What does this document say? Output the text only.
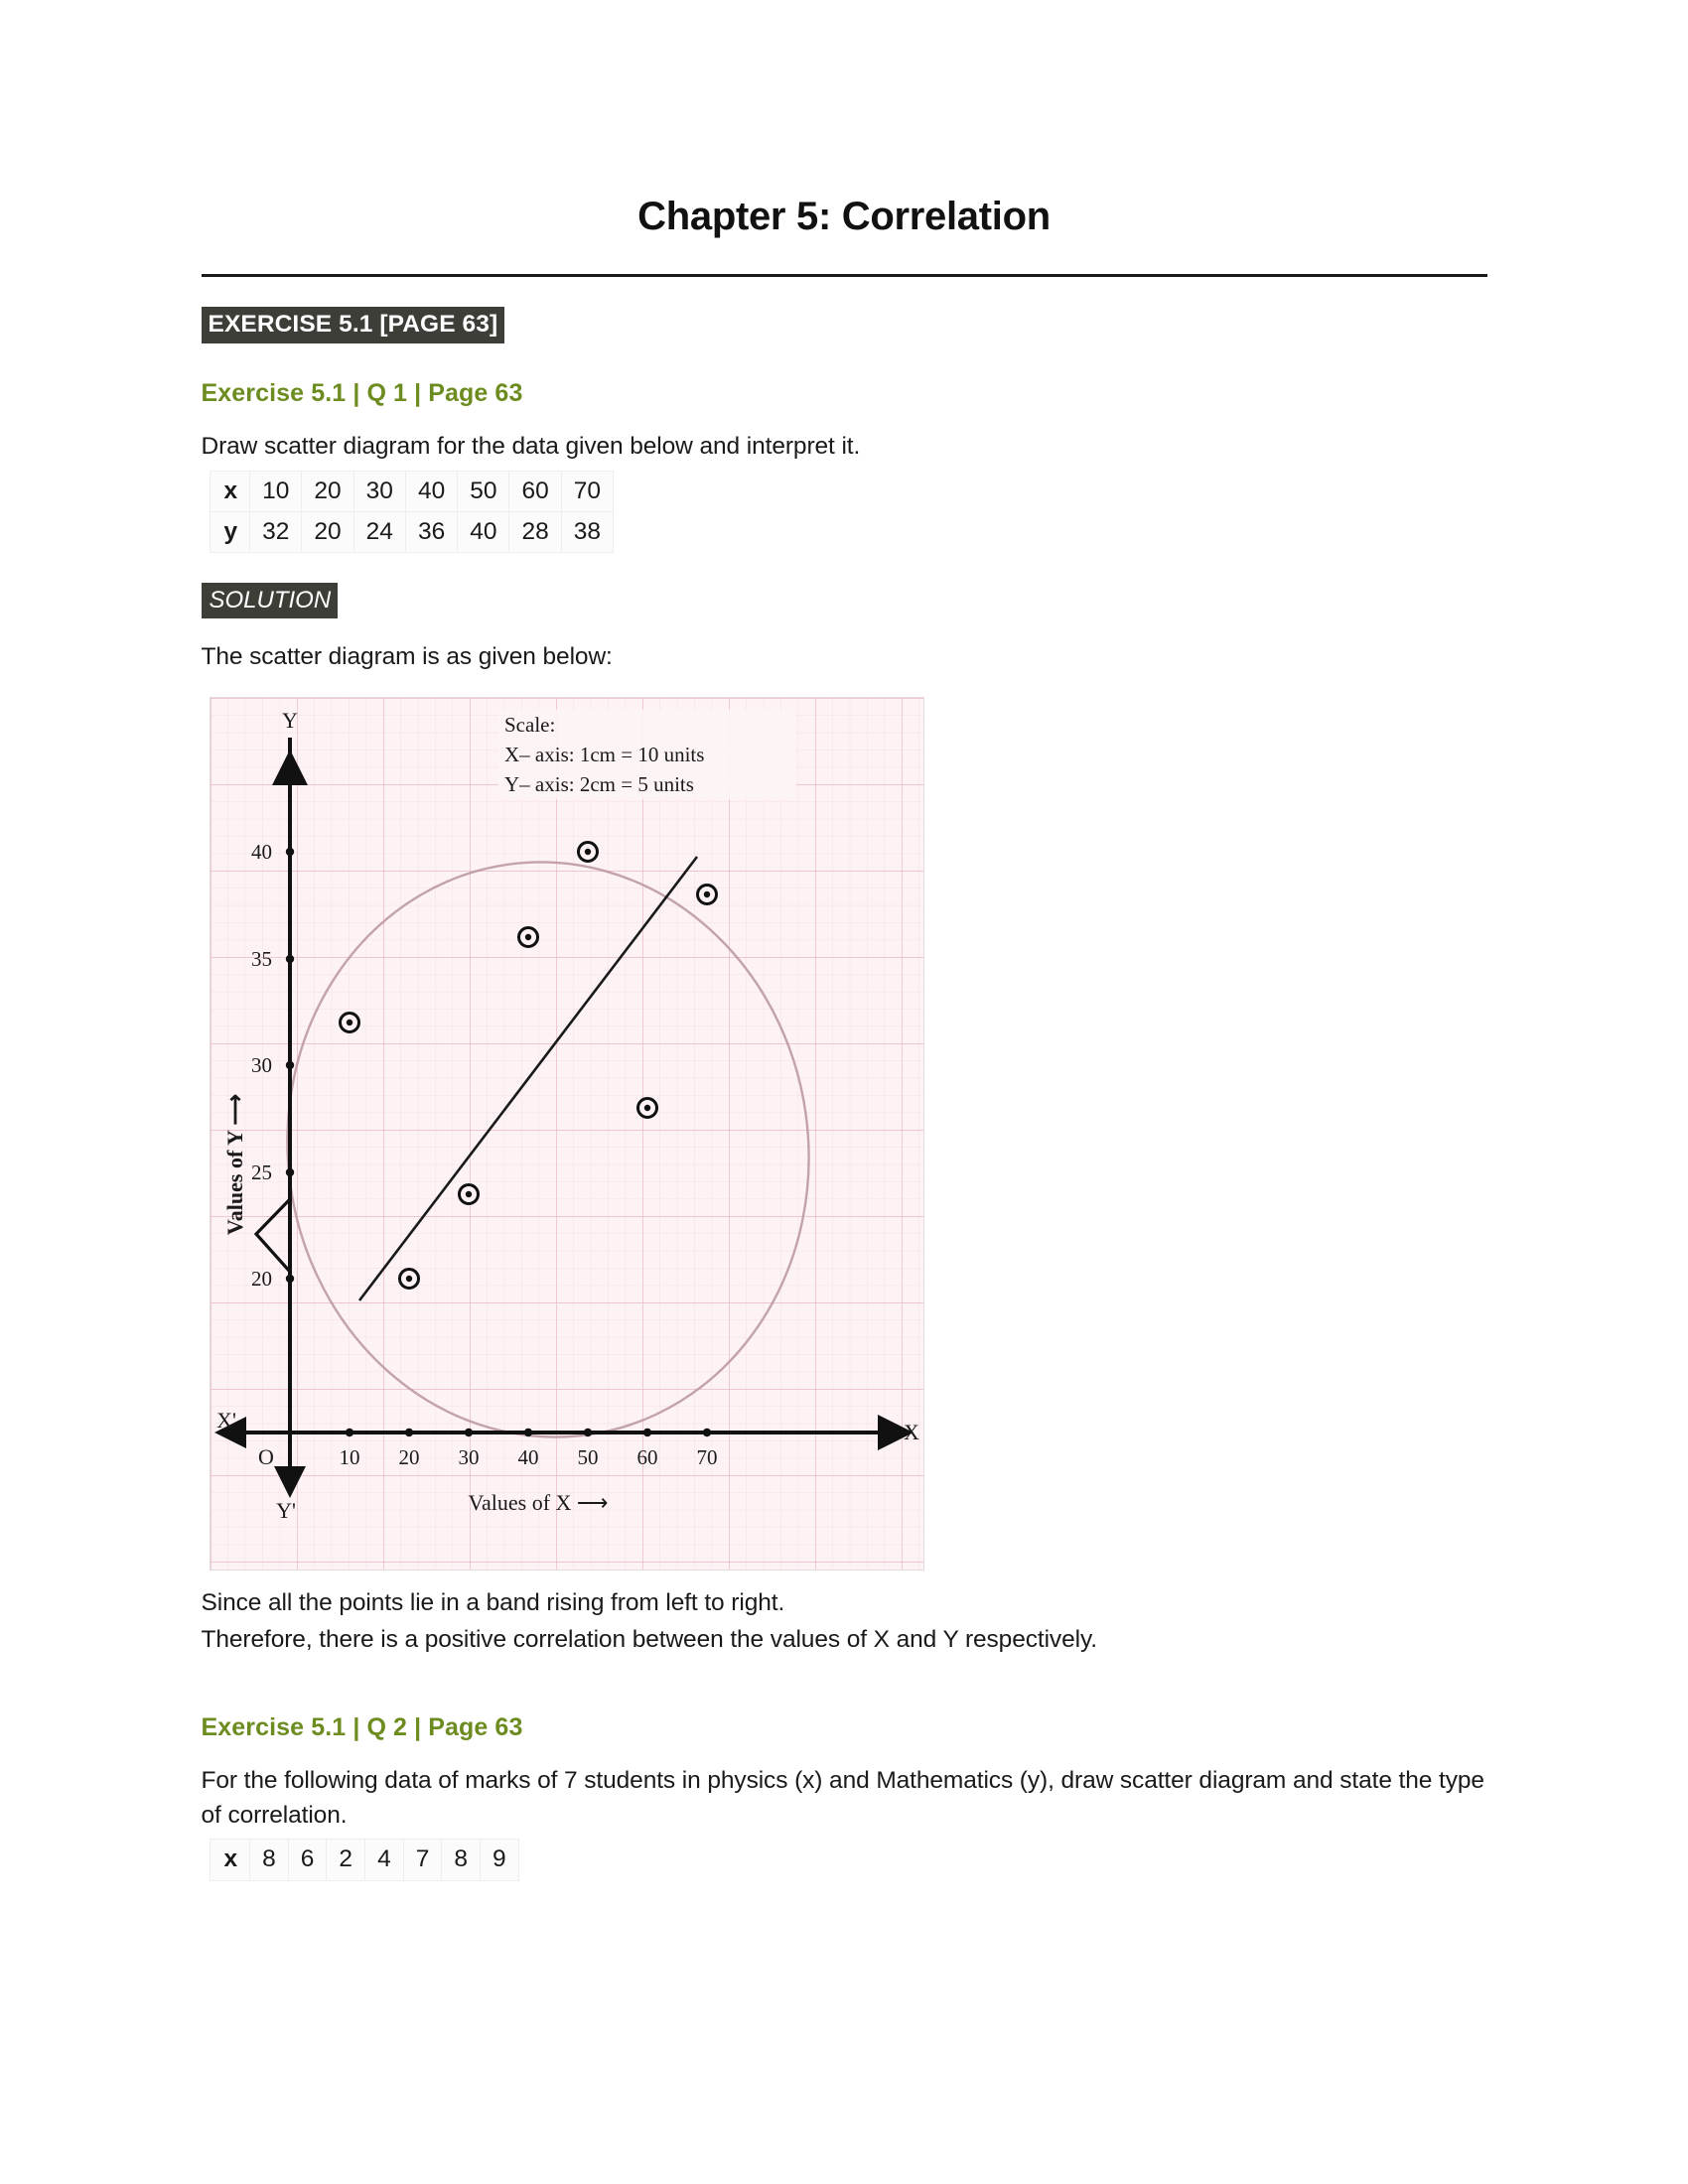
Chapter 5: Correlation
EXERCISE 5.1 [PAGE 63]
Exercise 5.1 | Q 1 | Page 63

Draw scatter diagram for the data given below and interpret it.

x	10	20	30	40	50	60	70
y	32	20	24	36	40	28	38
SOLUTION

The scatter diagram is as given below:

40
35
30
25
20
10 20 30 40 50 60 70
Y
X
X'
Y'
O
Values of X ⟶
Values of Y ⟶
Scale:
X– axis: 1cm = 10 units
Y– axis: 2cm = 5 units

Since all the points lie in a band rising from left to right.

Therefore, there is a positive correlation between the values of X and Y respectively.

Exercise 5.1 | Q 2 | Page 63

For the following data of marks of 7 students in physics (x) and Mathematics (y), draw scatter diagram and state the type of correlation.

x	8	6	2	4	7	8	9
